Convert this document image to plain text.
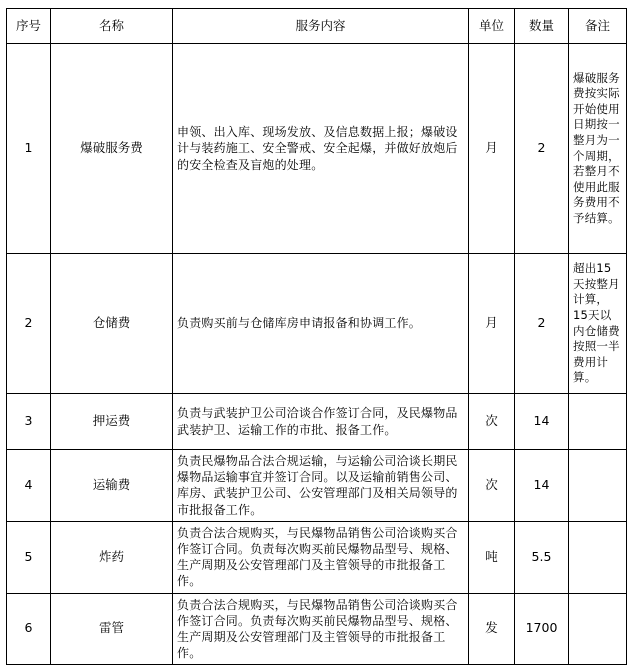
序号	名称	服务内容	单位	数量	备注
1	爆破服务费	申领、出入库、现场发放、及信息数据上报；爆破设计与装药施工、安全警戒、安全起爆，并做好放炮后的安全检查及盲炮的处理。	月	2	爆破服务费按实际开始使用日期按一整月为一个周期，若整月不使用此服务费用不予结算。
2	仓储费	负责购买前与仓储库房申请报备和协调工作。	月	2	超出15天按整月计算，15天以内仓储费按照一半费用计算。
3	押运费	负责与武装护卫公司洽谈合作签订合同，及民爆物品武装护卫、运输工作的市批、报备工作。	次	14	
4	运输费	负责民爆物品合法合规运输，与运输公司洽谈长期民爆物品运输事宜并签订合同。以及运输前销售公司、库房、武装护卫公司、公安管理部门及相关局领导的市批报备工作。	次	14	
5	炸药	负责合法合规购买，与民爆物品销售公司洽谈购买合作签订合同。负责每次购买前民爆物品型号、规格、生产周期及公安管理部门及主管领导的市批报备工作。	吨	5.5	
6	雷管	负责合法合规购买，与民爆物品销售公司洽谈购买合作签订合同。负责每次购买前民爆物品型号、规格、生产周期及公安管理部门及主管领导的市批报备工作。	发	1700	
